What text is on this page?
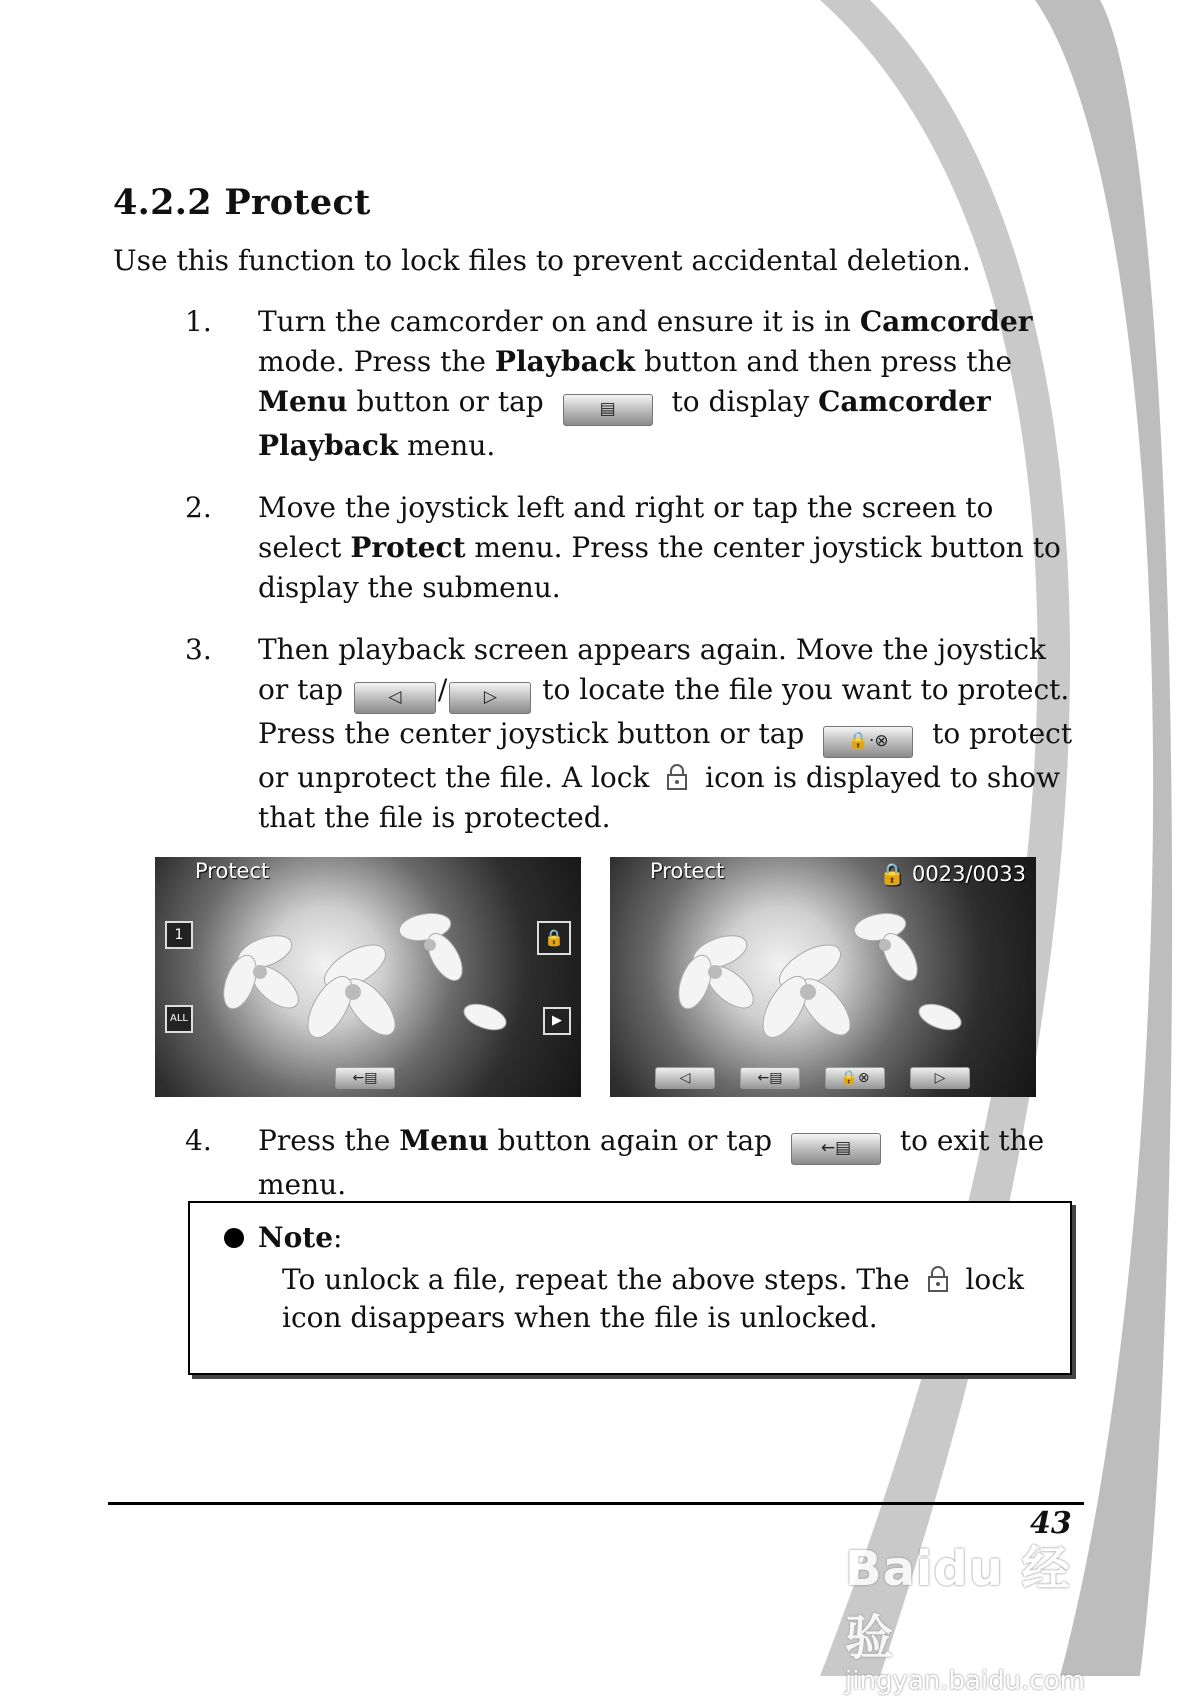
4.2.2 Protect
Use this function to lock files to prevent accidental deletion.
1.	Turn the camcorder on and ensure it is in Camcorder mode. Press the Playback button and then press the Menu button or tap	▤ to display Camcorder Playback menu.
2.	Move the joystick left and right or tap the screen to select Protect menu. Press the center joystick button to display the submenu.
3.	Then playback screen appears again. Move the joystick or tap ◁ / ▷ to locate the file you want to protect. Press the center joystick button or tap 🔒·⊗ to protect or unprotect the file. A lock  icon is displayed to show that the file is protected.
Protect
1
ALL
🔒
▶
←▤
Protect	🔒 0023/0033
◁	←▤	🔒⊗	▷
4.	Press the Menu button again or tap ←▤ to exit the menu.
Note :
To unlock a file, repeat the above steps. The  lock icon disappears when the file is unlocked.
43
Baidu 经验
jingyan.baidu.com
